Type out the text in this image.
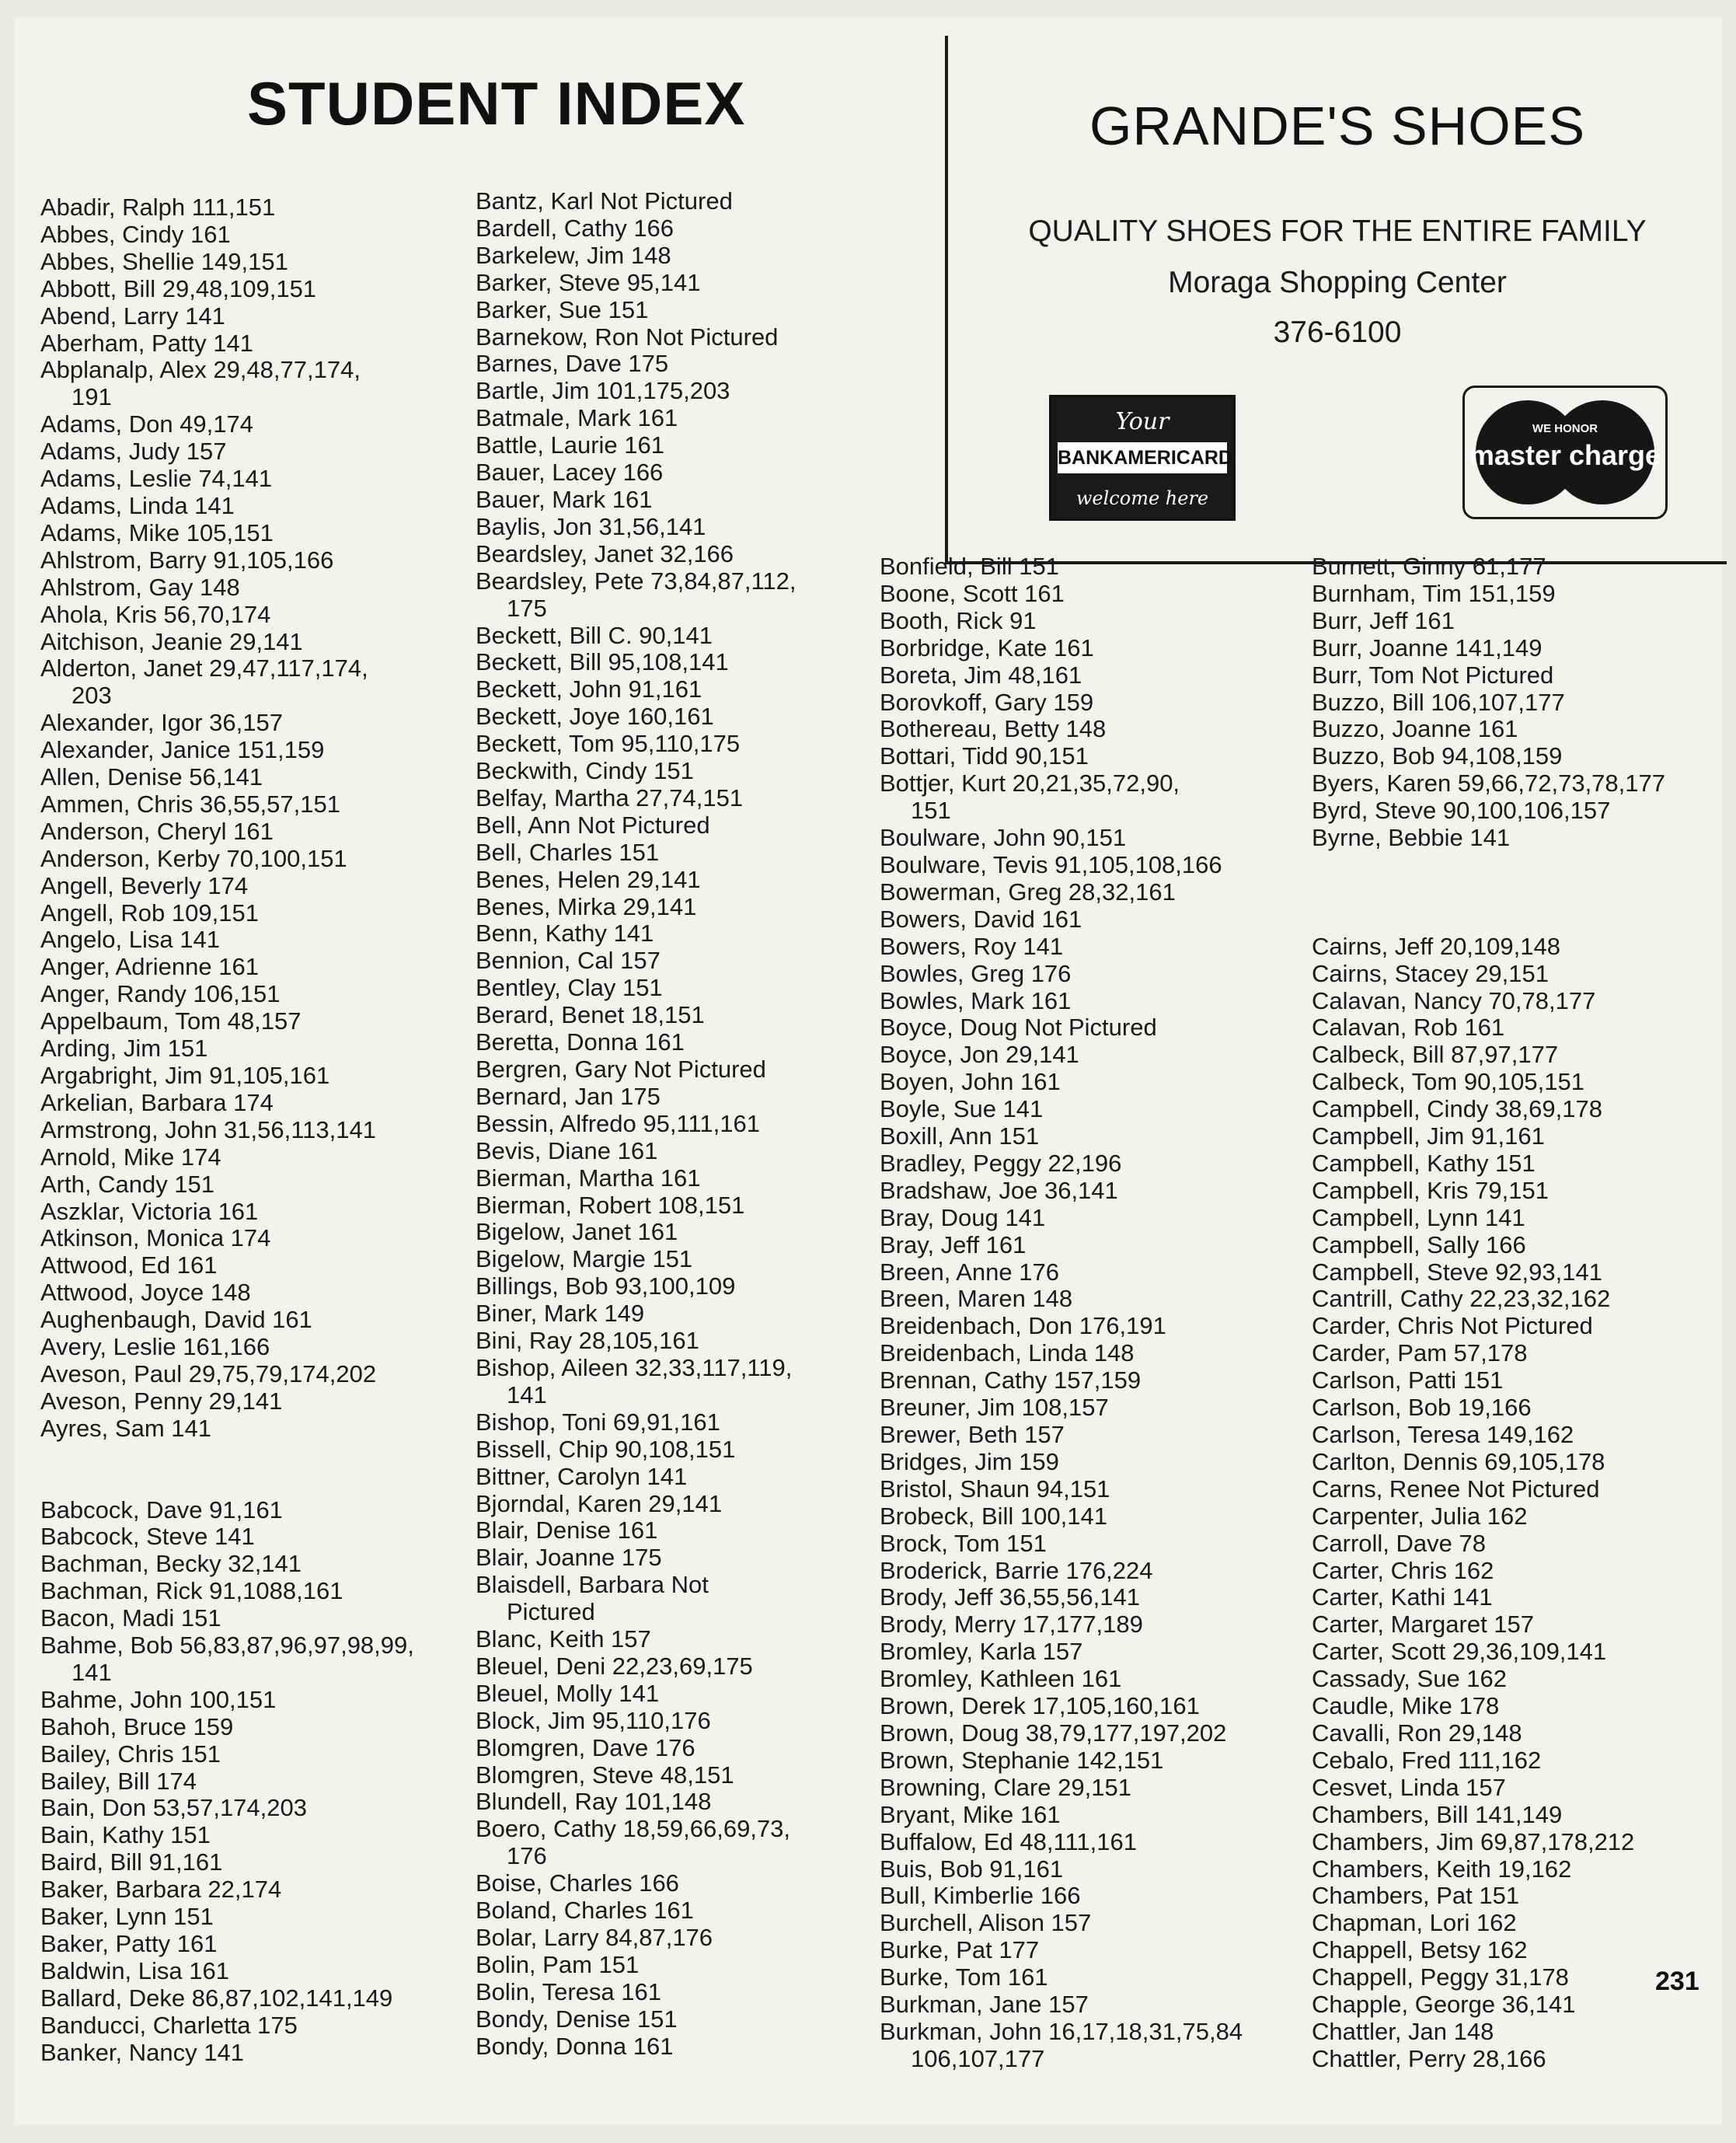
STUDENT INDEX	GRANDE'S SHOES
QUALITY SHOES FOR THE ENTIRE FAMILY
Moraga Shopping Center
376-6100
Your
BANKAMERICARD
welcome here
WE HONOR
master charge
Abadir, Ralph 111,151
Abbes, Cindy 161
Abbes, Shellie 149,151
Abbott, Bill 29,48,109,151
Abend, Larry 141
Aberham, Patty 141
Abplanalp, Alex 29,48,77,174,
191
Adams, Don 49,174
Adams, Judy 157
Adams, Leslie 74,141
Adams, Linda 141
Adams, Mike 105,151
Ahlstrom, Barry 91,105,166
Ahlstrom, Gay 148
Ahola, Kris 56,70,174
Aitchison, Jeanie 29,141
Alderton, Janet 29,47,117,174,
203
Alexander, Igor 36,157
Alexander, Janice 151,159
Allen, Denise 56,141
Ammen, Chris 36,55,57,151
Anderson, Cheryl 161
Anderson, Kerby 70,100,151
Angell, Beverly 174
Angell, Rob 109,151
Angelo, Lisa 141
Anger, Adrienne 161
Anger, Randy 106,151
Appelbaum, Tom 48,157
Arding, Jim 151
Argabright, Jim 91,105,161
Arkelian, Barbara 174
Armstrong, John 31,56,113,141
Arnold, Mike 174
Arth, Candy 151
Aszklar, Victoria 161
Atkinson, Monica 174
Attwood, Ed 161
Attwood, Joyce 148
Aughenbaugh, David 161
Avery, Leslie 161,166
Aveson, Paul 29,75,79,174,202
Aveson, Penny 29,141
Ayres, Sam 141

Babcock, Dave 91,161
Babcock, Steve 141
Bachman, Becky 32,141
Bachman, Rick 91,1088,161
Bacon, Madi 151
Bahme, Bob 56,83,87,96,97,98,99,
141
Bahme, John 100,151
Bahoh, Bruce 159
Bailey, Chris 151
Bailey, Bill 174
Bain, Don 53,57,174,203
Bain, Kathy 151
Baird, Bill 91,161
Baker, Barbara 22,174
Baker, Lynn 151
Baker, Patty 161
Baldwin, Lisa 161
Ballard, Deke 86,87,102,141,149
Banducci, Charletta 175
Banker, Nancy 141
Bantz, Karl Not Pictured
Bardell, Cathy 166
Barkelew, Jim 148
Barker, Steve 95,141
Barker, Sue 151
Barnekow, Ron Not Pictured
Barnes, Dave 175
Bartle, Jim 101,175,203
Batmale, Mark 161
Battle, Laurie 161
Bauer, Lacey 166
Bauer, Mark 161
Baylis, Jon 31,56,141
Beardsley, Janet 32,166
Beardsley, Pete 73,84,87,112,
175
Beckett, Bill C. 90,141
Beckett, Bill 95,108,141
Beckett, John 91,161
Beckett, Joye 160,161
Beckett, Tom 95,110,175
Beckwith, Cindy 151
Belfay, Martha 27,74,151
Bell, Ann Not Pictured
Bell, Charles 151
Benes, Helen 29,141
Benes, Mirka 29,141
Benn, Kathy 141
Bennion, Cal 157
Bentley, Clay 151
Berard, Benet 18,151
Beretta, Donna 161
Bergren, Gary Not Pictured
Bernard, Jan 175
Bessin, Alfredo 95,111,161
Bevis, Diane 161
Bierman, Martha 161
Bierman, Robert 108,151
Bigelow, Janet 161
Bigelow, Margie 151
Billings, Bob 93,100,109
Biner, Mark 149
Bini, Ray 28,105,161
Bishop, Aileen 32,33,117,119,
141
Bishop, Toni 69,91,161
Bissell, Chip 90,108,151
Bittner, Carolyn 141
Bjorndal, Karen 29,141
Blair, Denise 161
Blair, Joanne 175
Blaisdell, Barbara Not
Pictured
Blanc, Keith 157
Bleuel, Deni 22,23,69,175
Bleuel, Molly 141
Block, Jim 95,110,176
Blomgren, Dave 176
Blomgren, Steve 48,151
Blundell, Ray 101,148
Boero, Cathy 18,59,66,69,73,
176
Boise, Charles 166
Boland, Charles 161
Bolar, Larry 84,87,176
Bolin, Pam 151
Bolin, Teresa 161
Bondy, Denise 151
Bondy, Donna 161
Bonfield, Bill 151
Boone, Scott 161
Booth, Rick 91
Borbridge, Kate 161
Boreta, Jim 48,161
Borovkoff, Gary 159
Bothereau, Betty 148
Bottari, Tidd 90,151
Bottjer, Kurt 20,21,35,72,90,
151
Boulware, John 90,151
Boulware, Tevis 91,105,108,166
Bowerman, Greg 28,32,161
Bowers, David 161
Bowers, Roy 141
Bowles, Greg 176
Bowles, Mark 161
Boyce, Doug Not Pictured
Boyce, Jon 29,141
Boyen, John 161
Boyle, Sue 141
Boxill, Ann 151
Bradley, Peggy 22,196
Bradshaw, Joe 36,141
Bray, Doug 141
Bray, Jeff 161
Breen, Anne 176
Breen, Maren 148
Breidenbach, Don 176,191
Breidenbach, Linda 148
Brennan, Cathy 157,159
Breuner, Jim 108,157
Brewer, Beth 157
Bridges, Jim 159
Bristol, Shaun 94,151
Brobeck, Bill 100,141
Brock, Tom 151
Broderick, Barrie 176,224
Brody, Jeff 36,55,56,141
Brody, Merry 17,177,189
Bromley, Karla 157
Bromley, Kathleen 161
Brown, Derek 17,105,160,161
Brown, Doug 38,79,177,197,202
Brown, Stephanie 142,151
Browning, Clare 29,151
Bryant, Mike 161
Buffalow, Ed 48,111,161
Buis, Bob 91,161
Bull, Kimberlie 166
Burchell, Alison 157
Burke, Pat 177
Burke, Tom 161
Burkman, Jane 157
Burkman, John 16,17,18,31,75,84
106,107,177
Burnett, Ginny 61,177
Burnham, Tim 151,159
Burr, Jeff 161
Burr, Joanne 141,149
Burr, Tom Not Pictured
Buzzo, Bill 106,107,177
Buzzo, Joanne 161
Buzzo, Bob 94,108,159
Byers, Karen 59,66,72,73,78,177
Byrd, Steve 90,100,106,157
Byrne, Bebbie 141

Cairns, Jeff 20,109,148
Cairns, Stacey 29,151
Calavan, Nancy 70,78,177
Calavan, Rob 161
Calbeck, Bill 87,97,177
Calbeck, Tom 90,105,151
Campbell, Cindy 38,69,178
Campbell, Jim 91,161
Campbell, Kathy 151
Campbell, Kris 79,151
Campbell, Lynn 141
Campbell, Sally 166
Campbell, Steve 92,93,141
Cantrill, Cathy 22,23,32,162
Carder, Chris Not Pictured
Carder, Pam 57,178
Carlson, Patti 151
Carlson, Bob 19,166
Carlson, Teresa 149,162
Carlton, Dennis 69,105,178
Carns, Renee Not Pictured
Carpenter, Julia 162
Carroll, Dave 78
Carter, Chris 162
Carter, Kathi 141
Carter, Margaret 157
Carter, Scott 29,36,109,141
Cassady, Sue 162
Caudle, Mike 178
Cavalli, Ron 29,148
Cebalo, Fred 111,162
Cesvet, Linda 157
Chambers, Bill 141,149
Chambers, Jim 69,87,178,212
Chambers, Keith 19,162
Chambers, Pat 151
Chapman, Lori 162
Chappell, Betsy 162
Chappell, Peggy 31,178
Chapple, George 36,141
Chattler, Jan 148
Chattler, Perry 28,166
231
